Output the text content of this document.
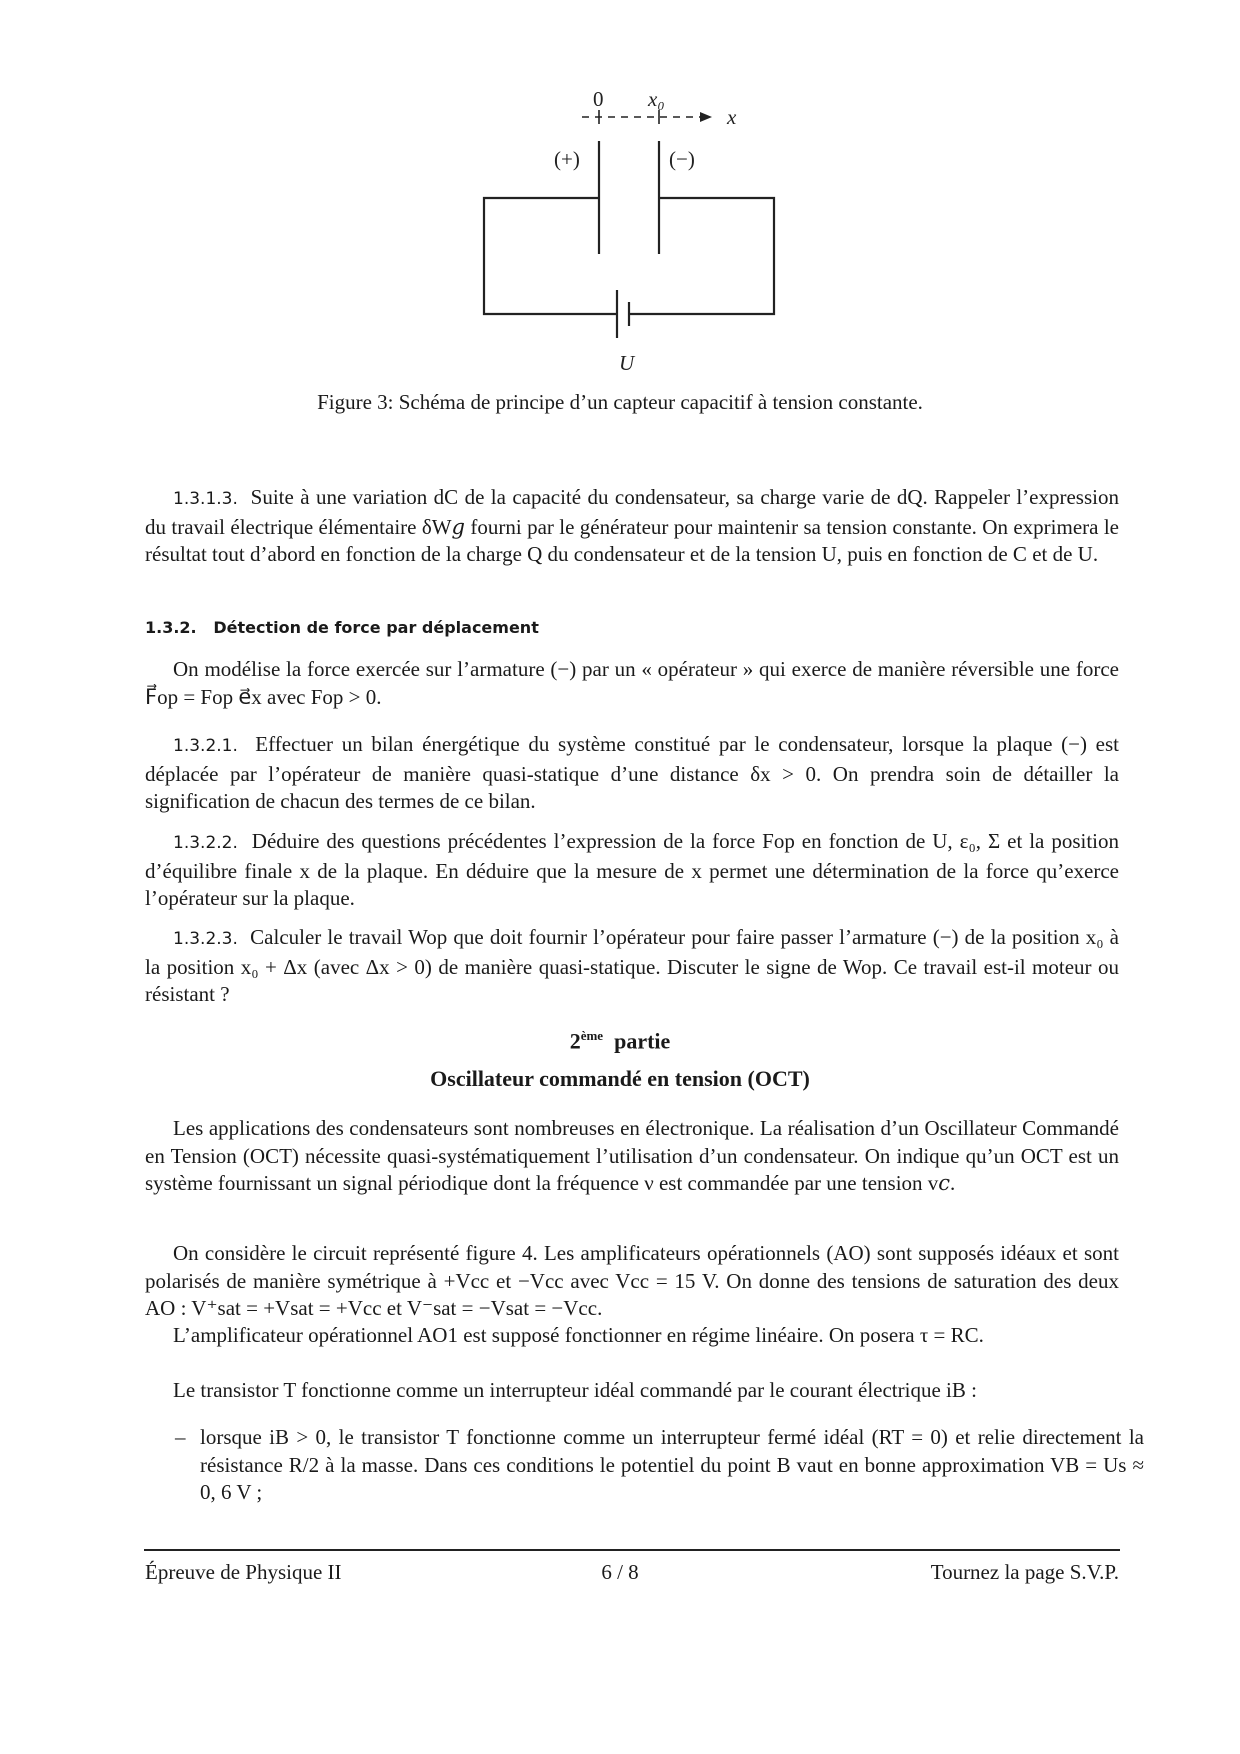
0 x₀
x
(+)	(−)
U
Figure 3: Schéma de principe d’un capteur capacitif à tension constante.
1.3.1.3. Suite à une variation dC de la capacité du condensateur, sa charge varie de dQ. Rappeler l’expression du travail électrique élémentaire δW𝑔 fourni par le générateur pour maintenir sa tension constante. On exprimera le résultat tout d’abord en fonction de la charge Q du condensateur et de la tension U, puis en fonction de C et de U.
1.3.2. Détection de force par déplacement
On modélise la force exercée sur l’armature (−) par un « opérateur » qui exerce de manière réversible une force F⃗op = Fop e⃗x avec Fop > 0.
1.3.2.1. Effectuer un bilan énergétique du système constitué par le condensateur, lorsque la plaque (−) est déplacée par l’opérateur de manière quasi-statique d’une distance δx > 0. On prendra soin de détailler la signification de chacun des termes de ce bilan.
1.3.2.2. Déduire des questions précédentes l’expression de la force Fop en fonction de U, ε₀, Σ et la position d’équilibre finale x de la plaque. En déduire que la mesure de x permet une détermination de la force qu’exerce l’opérateur sur la plaque.
1.3.2.3. Calculer le travail Wop que doit fournir l’opérateur pour faire passer l’armature (−) de la position x₀ à la position x₀ + Δx (avec Δx > 0) de manière quasi-statique. Discuter le signe de Wop. Ce travail est-il moteur ou résistant ?
2ème partie
Oscillateur commandé en tension (OCT)
Les applications des condensateurs sont nombreuses en électronique. La réalisation d’un Oscillateur Commandé en Tension (OCT) nécessite quasi-systématiquement l’utilisation d’un condensateur. On indique qu’un OCT est un système fournissant un signal périodique dont la fréquence ν est commandée par une tension v𝑐.
On considère le circuit représenté figure 4. Les amplificateurs opérationnels (AO) sont supposés idéaux et sont polarisés de manière symétrique à +Vcc et −Vcc avec Vcc = 15 V. On donne des tensions de saturation des deux AO : V⁺sat = +Vsat = +Vcc et V⁻sat = −Vsat = −Vcc.
L’amplificateur opérationnel AO1 est supposé fonctionner en régime linéaire. On posera τ = RC.
Le transistor T fonctionne comme un interrupteur idéal commandé par le courant électrique iB :
– lorsque iB > 0, le transistor T fonctionne comme un interrupteur fermé idéal (RT = 0) et relie directement la résistance R/2 à la masse. Dans ces conditions le potentiel du point B vaut en bonne approximation VB = Us ≈ 0, 6 V ;
Épreuve de Physique II	6 / 8	Tournez la page S.V.P.
